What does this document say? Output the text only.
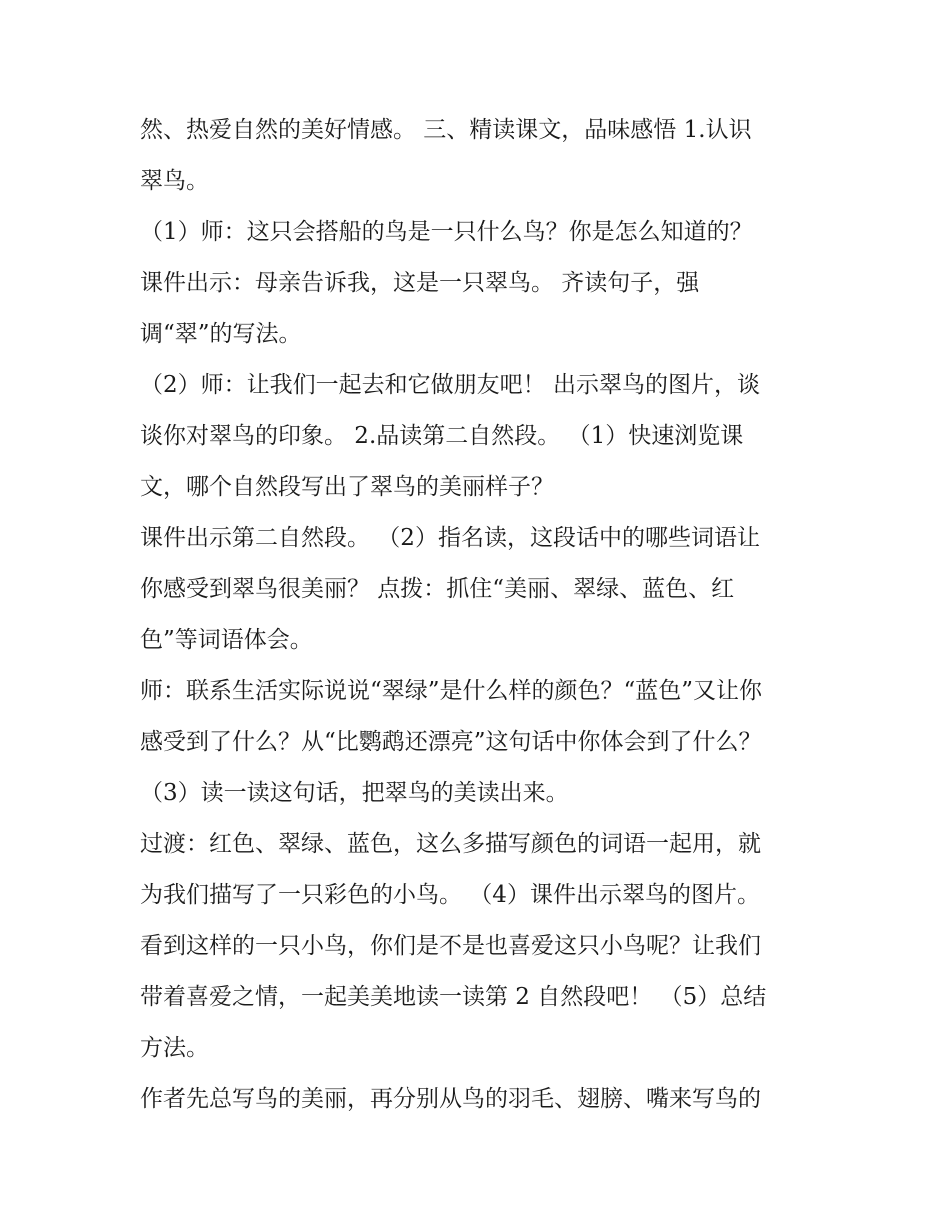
然、热爱自然的美好情感。 三、精读课文，品味感悟 1.认识
翠鸟。
（1）师：这只会搭船的鸟是一只什么鸟？你是怎么知道的？
课件出示：母亲告诉我，这是一只翠鸟。 齐读句子，强
调“翠”的写法。
（2）师：让我们一起去和它做朋友吧！ 出示翠鸟的图片，谈
谈你对翠鸟的印象。 2.品读第二自然段。 （1）快速浏览课
文，哪个自然段写出了翠鸟的美丽样子？
课件出示第二自然段。 （2）指名读，这段话中的哪些词语让
你感受到翠鸟很美丽？ 点拨：抓住“美丽、翠绿、蓝色、红
色”等词语体会。
师：联系生活实际说说“翠绿”是什么样的颜色？“蓝色”又让你
感受到了什么？从“比鹦鹉还漂亮”这句话中你体会到了什么？
（3）读一读这句话，把翠鸟的美读出来。
过渡：红色、翠绿、蓝色，这么多描写颜色的词语一起用，就
为我们描写了一只彩色的小鸟。 （4）课件出示翠鸟的图片。
看到这样的一只小鸟，你们是不是也喜爱这只小鸟呢？让我们
带着喜爱之情，一起美美地读一读第 2 自然段吧！ （5）总结
方法。
作者先总写鸟的美丽，再分别从鸟的羽毛、翅膀、嘴来写鸟的
